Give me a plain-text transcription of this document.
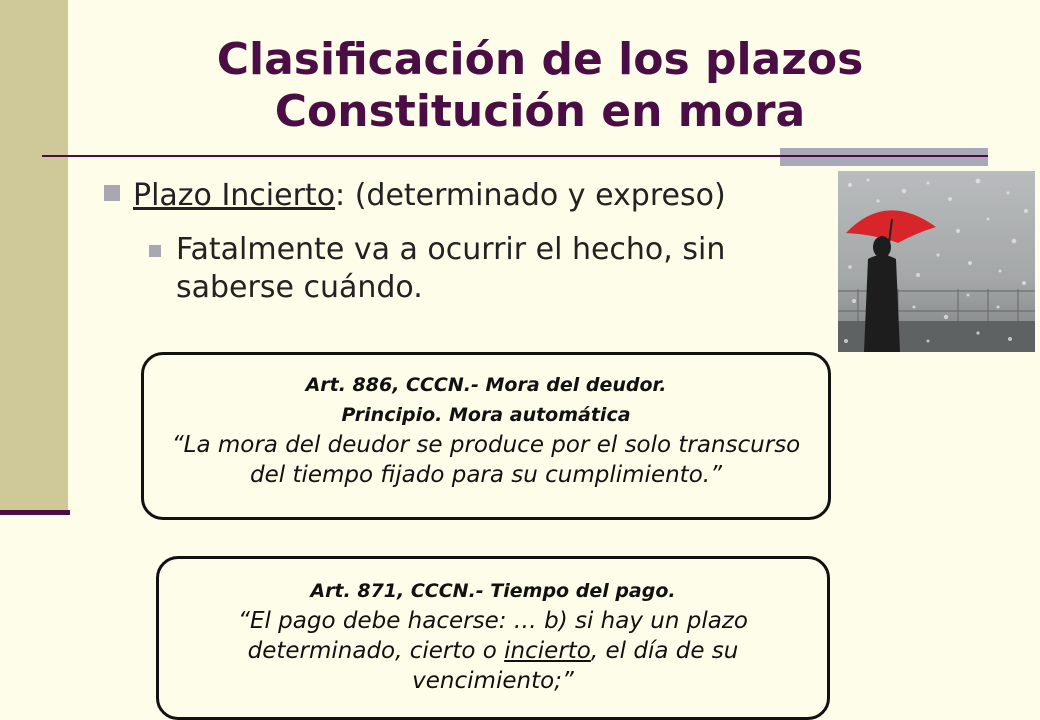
Clasificación de los plazos
Constitución en mora
Plazo Incierto: (determinado y expreso)
Fatalmente va a ocurrir el hecho, sin
saberse cuándo.
Art. 886, CCCN.- Mora del deudor.
Principio. Mora automática
“La mora del deudor se produce por el solo transcurso
del tiempo fijado para su cumplimiento.”
Art. 871, CCCN.- Tiempo del pago.
“El pago debe hacerse: … b) si hay un plazo
determinado, cierto o incierto, el día de su
vencimiento;”
